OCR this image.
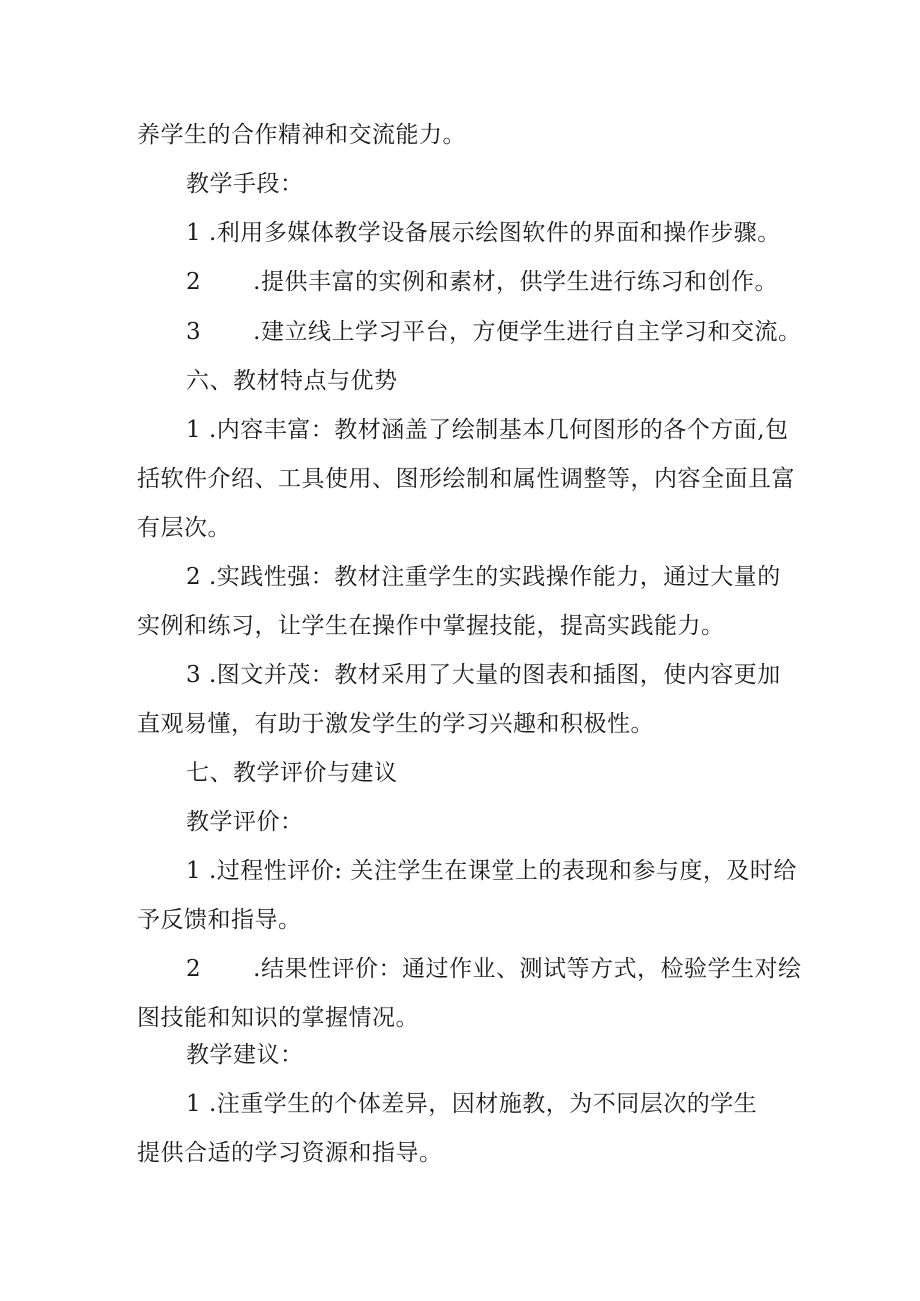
养学生的合作精神和交流能力。
教学手段：
1 .利用多媒体教学设备展示绘图软件的界面和操作步骤。
2 .提供丰富的实例和素材，供学生进行练习和创作。
3 .建立线上学习平台，方便学生进行自主学习和交流。
六、教材特点与优势
1 .内容丰富：教材涵盖了绘制基本几何图形的各个方面,包
括软件介绍、工具使用、图形绘制和属性调整等，内容全面且富
有层次。
2 .实践性强：教材注重学生的实践操作能力，通过大量的
实例和练习，让学生在操作中掌握技能，提高实践能力。
3 .图文并茂：教材采用了大量的图表和插图，使内容更加
直观易懂，有助于激发学生的学习兴趣和积极性。
七、教学评价与建议
教学评价：
1 .过程性评价: 关注学生在课堂上的表现和参与度，及时给
予反馈和指导。
2 .结果性评价：通过作业、测试等方式，检验学生对绘
图技能和知识的掌握情况。
教学建议：
1 .注重学生的个体差异，因材施教，为不同层次的学生
提供合适的学习资源和指导。
